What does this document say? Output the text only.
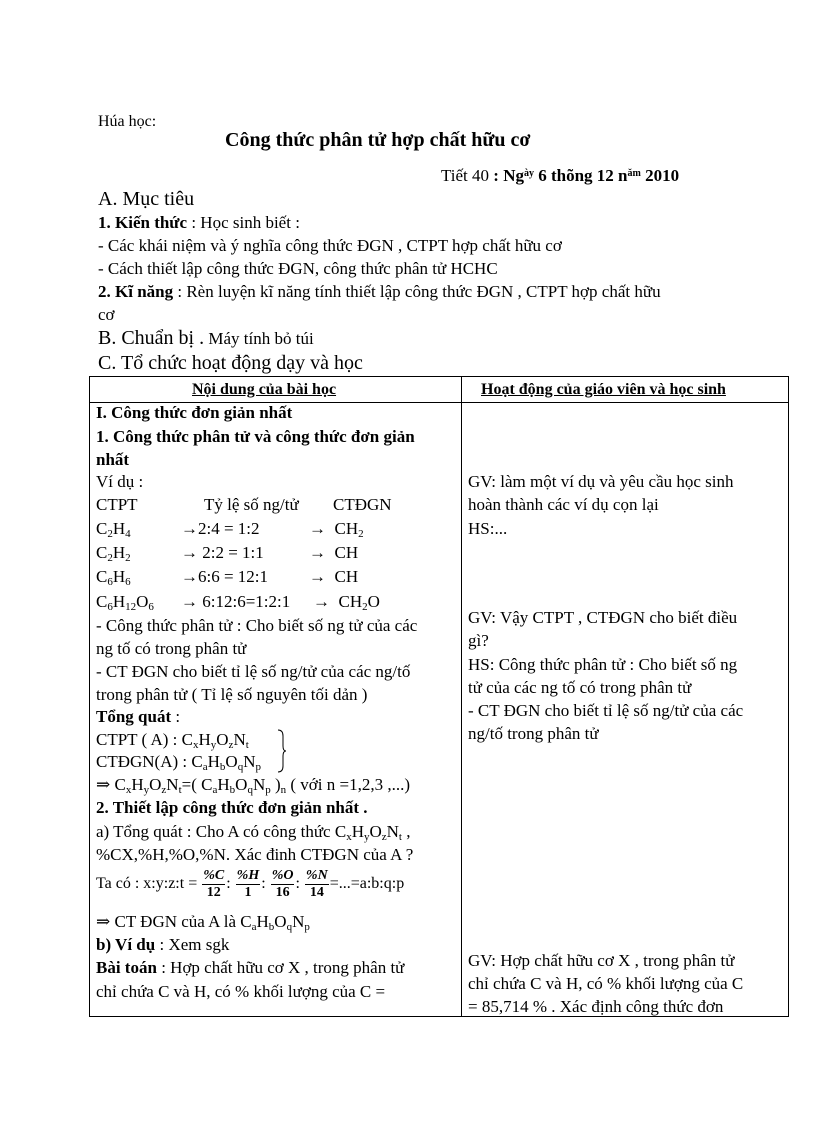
Húa học:
Công thức phân tử hợp chất hữu cơ
Tiết 40 : $Ng^{ày}$ 6 thõng 12 $n^{ăm}$ 2010
A. Mục tiêu
1. Kiến thức : Học sinh biết :
- Các khái niệm và ý nghĩa công thức ĐGN , CTPT hợp chất hữu cơ
- Cách thiết lập công thức ĐGN, công thức phân tử HCHC
2. Kĩ năng : Rèn luyện kĩ năng tính thiết lập công thức ĐGN , CTPT hợp chất hữu
cơ
B. Chuẩn bị . Máy tính bỏ túi
C. Tổ chức hoạt động dạy và học
Nội dung của bài học	Hoạt động của giáo viên và học sinh
I. Công thức đơn giản nhất
1. Công thức phân tử và công thức đơn giản
nhất
Ví dụ :
CTPT	Tỷ lệ số ng/tử CTĐGN
$C_2H_4$	→2:4 = 1:2	→  $CH_2$
$C_2H_2$	→ 2:2 = 1:1	→ CH
$C_6H_6$	→6:6 = 12:1 → CH
$C_6H_{12}O_6$ → 6:12:6=1:2:1 →  $CH_2O$
- Công thức phân tử : Cho biết số ng tử của các
ng tố có trong phân tử
- CT ĐGN cho biết tỉ lệ số ng/tử của các ng/tố
trong phân tử ( Tỉ lệ số nguyên tối dản )
Tổng quát :
CTPT ( A) : $C_xH_yO_zN_t$
CTĐGN(A) : $C_aH_bO_qN_p$
⇒ $C_xH_yO_zN_t=$( $C_aH_bO_qN_p$ )$_n$ ( với n =1,2,3 ,...)
2. Thiết lập công thức đơn giản nhất .
a) Tổng quát : Cho A có công thức $C_xH_yO_zN_t$ ,
%CX,%H,%O,%N. Xác đinh CTĐGN của A ?
Ta có : x:y:z:t = $\frac{\%C}{12}$ : $\frac{\%H}{1}$ : $\frac{\%O}{16}$ : $\frac{\%N}{14}$ =...=a:b:q:p
⇒ CT ĐGN của A là $C_aH_bO_qN_p$
b) Ví dụ : Xem sgk
Bài toán : Hợp chất hữu cơ X , trong phân tử
chỉ chứa C và H, có % khối lượng của C =
GV: làm một ví dụ và yêu cầu học sinh
hoàn thành các ví dụ cọn lại
HS:...
GV: Vậy CTPT , CTĐGN cho biết điều
gì?
HS: Công thức phân tử : Cho biết số ng
tử của các ng tố có trong phân tử
- CT ĐGN cho biết tỉ lệ số ng/tử của các
ng/tố trong phân tử
GV: Hợp chất hữu cơ X , trong phân tử
chỉ chứa C và H, có % khối lượng của C
= 85,714 % . Xác định công thức đơn
